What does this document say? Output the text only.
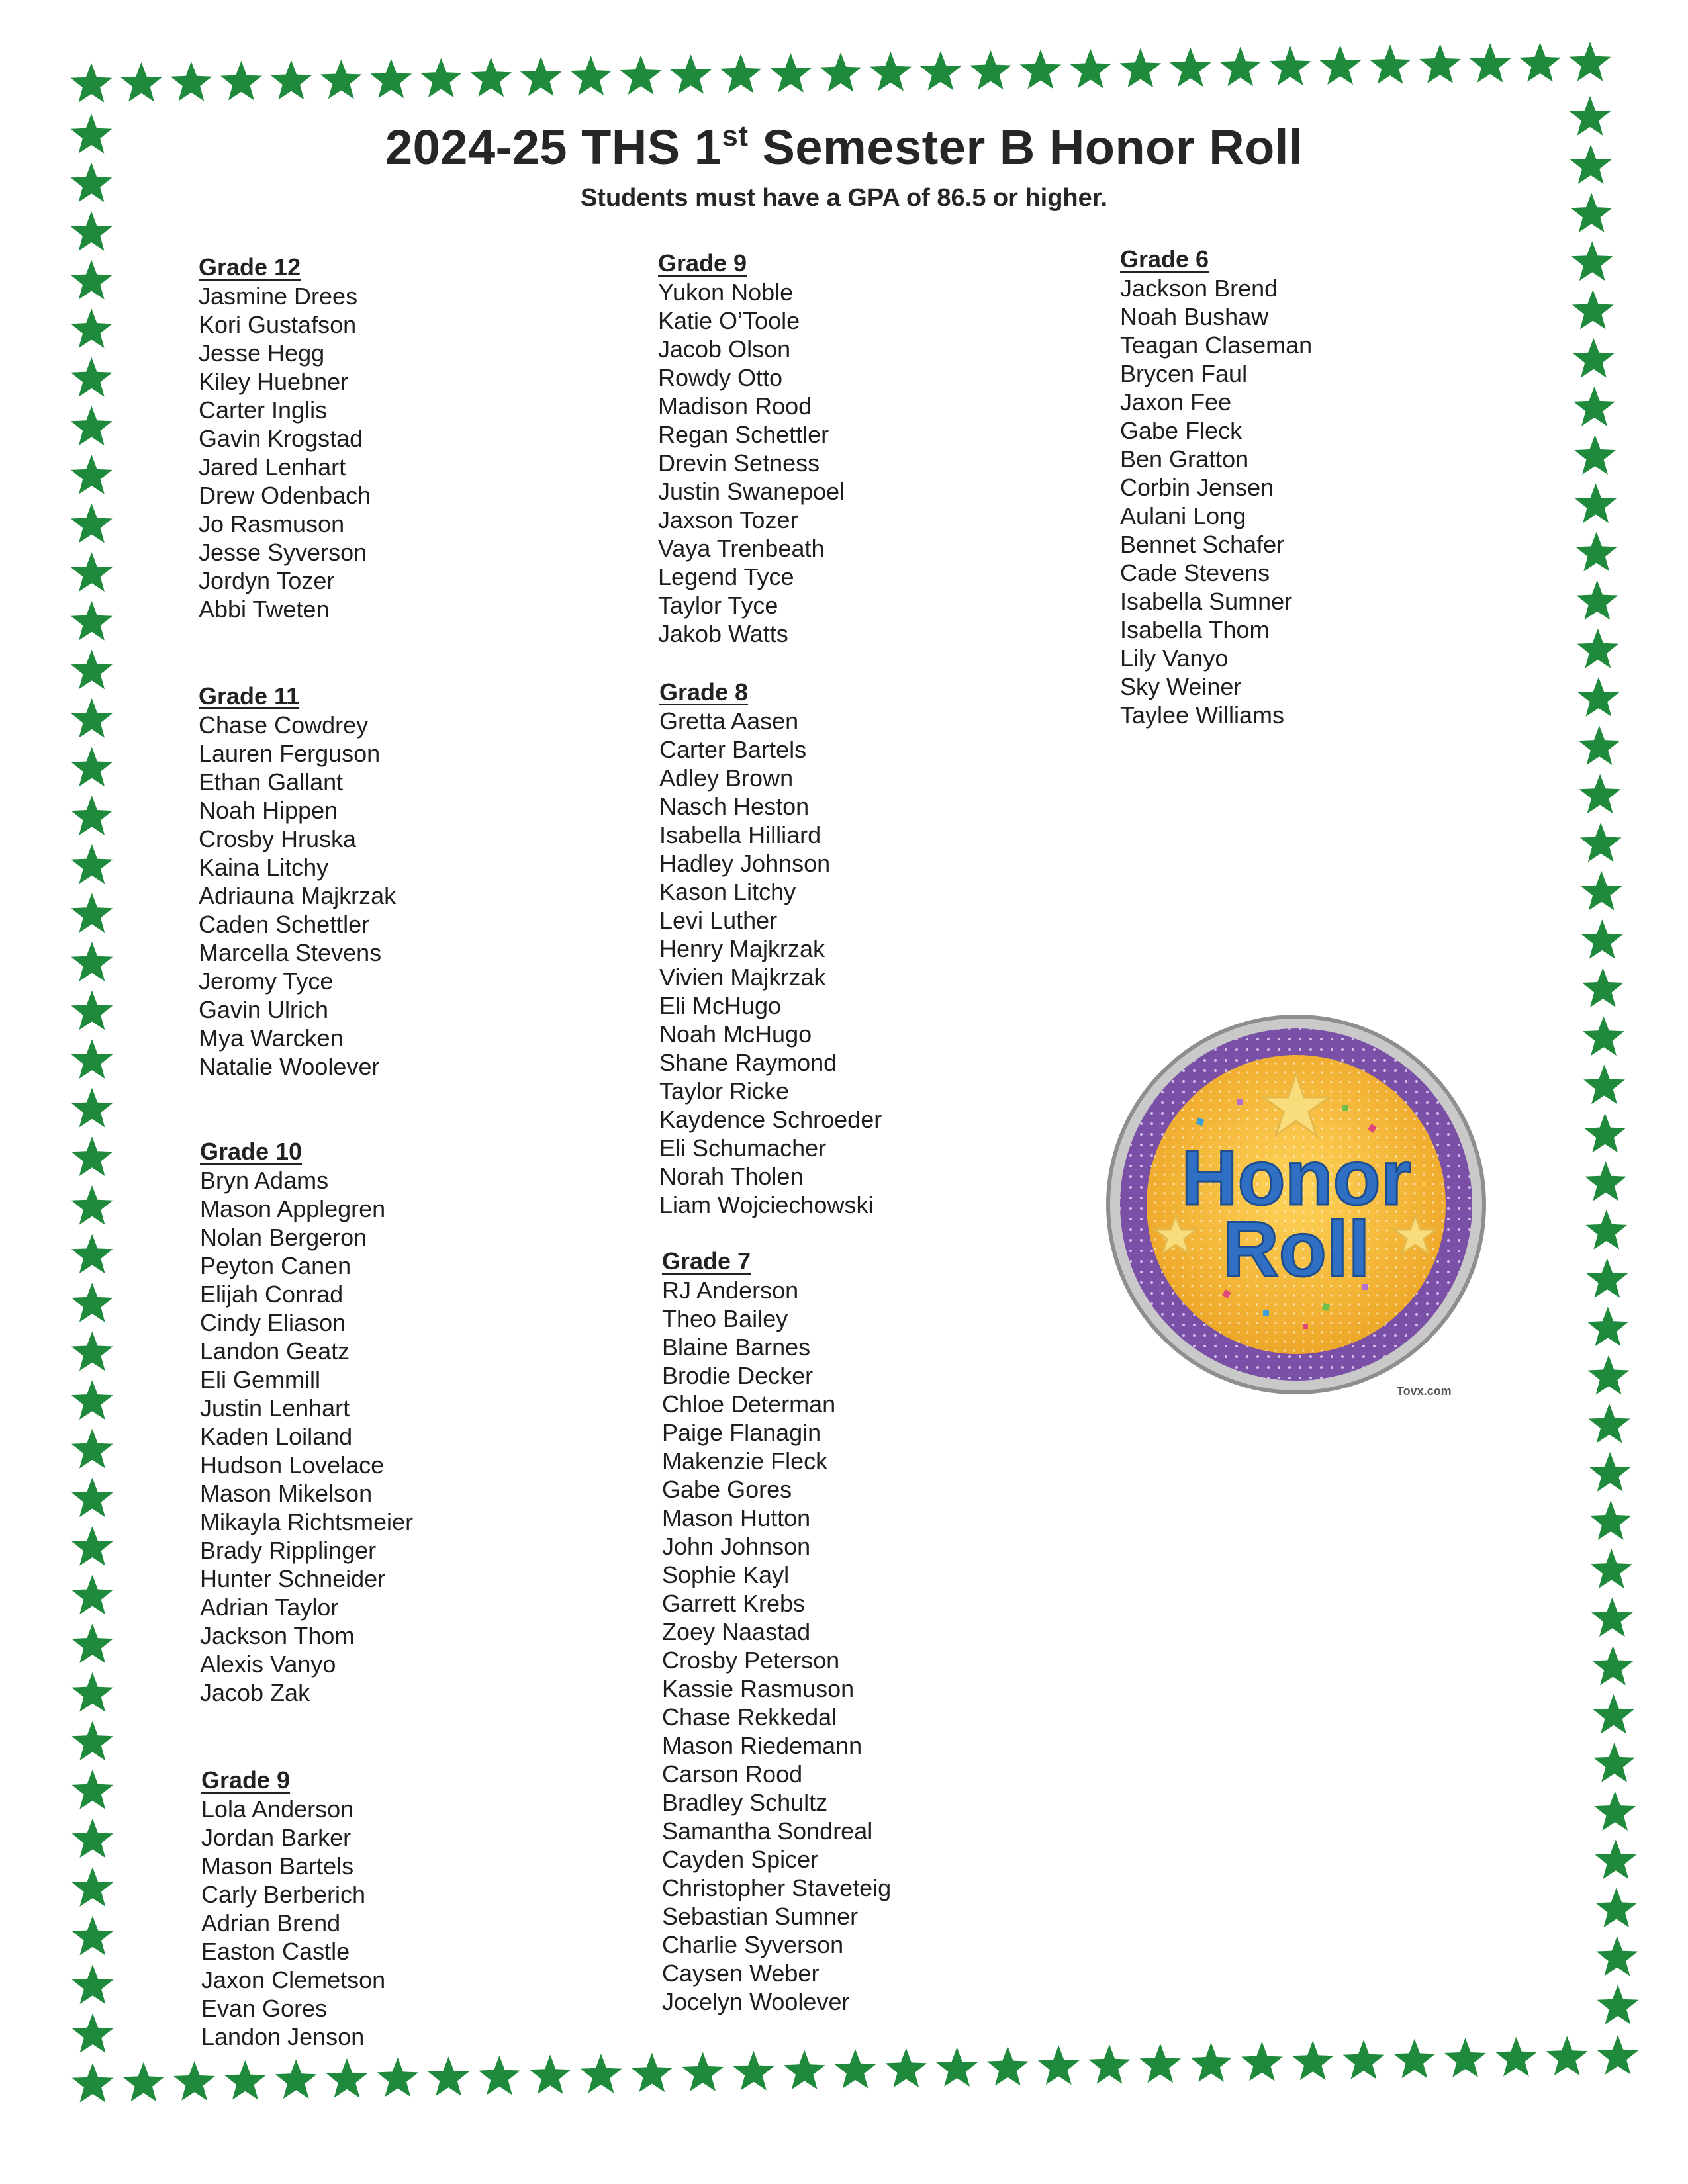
2024-25 THS 1st Semester B Honor Roll
Students must have a GPA of 86.5 or higher.
Grade 12
Jasmine Drees
Kori Gustafson
Jesse Hegg
Kiley Huebner
Carter Inglis
Gavin Krogstad
Jared Lenhart
Drew Odenbach
Jo Rasmuson
Jesse Syverson
Jordyn Tozer
Abbi Tweten
Grade 11
Chase Cowdrey
Lauren Ferguson
Ethan Gallant
Noah Hippen
Crosby Hruska
Kaina Litchy
Adriauna Majkrzak
Caden Schettler
Marcella Stevens
Jeromy Tyce
Gavin Ulrich
Mya Warcken
Natalie Woolever
Grade 10
Bryn Adams
Mason Applegren
Nolan Bergeron
Peyton Canen
Elijah Conrad
Cindy Eliason
Landon Geatz
Eli Gemmill
Justin Lenhart
Kaden Loiland
Hudson Lovelace
Mason Mikelson
Mikayla Richtsmeier
Brady Ripplinger
Hunter Schneider
Adrian Taylor
Jackson Thom
Alexis Vanyo
Jacob Zak
Grade 9
Lola Anderson
Jordan Barker
Mason Bartels
Carly Berberich
Adrian Brend
Easton Castle
Jaxon Clemetson
Evan Gores
Landon Jenson
Grade 9
Yukon Noble
Katie O’Toole
Jacob Olson
Rowdy Otto
Madison Rood
Regan Schettler
Drevin Setness
Justin Swanepoel
Jaxson Tozer
Vaya Trenbeath
Legend Tyce
Taylor Tyce
Jakob Watts
Grade 8
Gretta Aasen
Carter Bartels
Adley Brown
Nasch Heston
Isabella Hilliard
Hadley Johnson
Kason Litchy
Levi Luther
Henry Majkrzak
Vivien Majkrzak
Eli McHugo
Noah McHugo
Shane Raymond
Taylor Ricke
Kaydence Schroeder
Eli Schumacher
Norah Tholen
Liam Wojciechowski
Grade 7
RJ Anderson
Theo Bailey
Blaine Barnes
Brodie Decker
Chloe Determan
Paige Flanagin
Makenzie Fleck
Gabe Gores
Mason Hutton
John Johnson
Sophie Kayl
Garrett Krebs
Zoey Naastad
Crosby Peterson
Kassie Rasmuson
Chase Rekkedal
Mason Riedemann
Carson Rood
Bradley Schultz
Samantha Sondreal
Cayden Spicer
Christopher Staveteig
Sebastian Sumner
Charlie Syverson
Caysen Weber
Jocelyn Woolever
Grade 6
Jackson Brend
Noah Bushaw
Teagan Claseman
Brycen Faul
Jaxon Fee
Gabe Fleck
Ben Gratton
Corbin Jensen
Aulani Long
Bennet Schafer
Cade Stevens
Isabella Sumner
Isabella Thom
Lily Vanyo
Sky Weiner
Taylee Williams
Honor
Roll
Tovx.com
